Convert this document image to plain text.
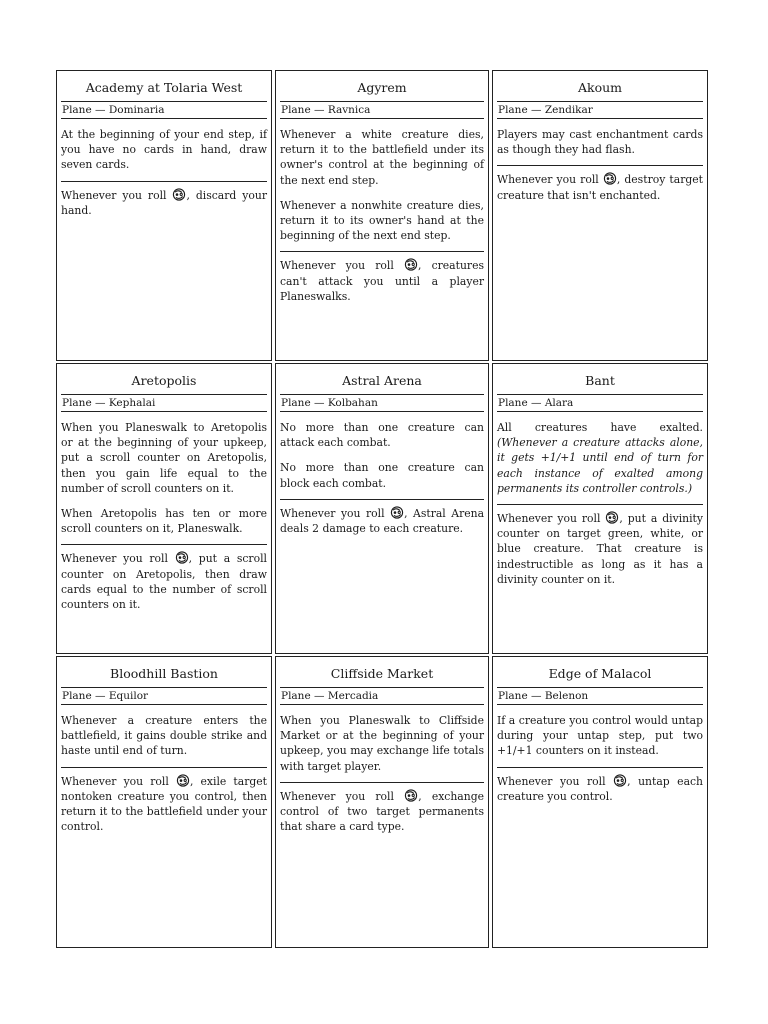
Academy at Tolaria West
Plane — Dominaria

At the beginning of your end step, if you have no cards in hand, draw seven cards.

Whenever you roll , discard your hand.

Agyrem
Plane — Ravnica

Whenever a white creature dies, return it to the battlefield under its owner's control at the beginning of the next end step.

Whenever a nonwhite creature dies, return it to its owner's hand at the beginning of the next end step.

Whenever you roll , creatures can't attack you until a player Planeswalks.

Akoum
Plane — Zendikar

Players may cast enchantment cards as though they had flash.

Whenever you roll , destroy target creature that isn't enchanted.

Aretopolis
Plane — Kephalai

When you Planeswalk to Aretopolis or at the beginning of your upkeep, put a scroll counter on Aretopolis, then you gain life equal to the number of scroll counters on it.

When Aretopolis has ten or more scroll counters on it, Planeswalk.

Whenever you roll , put a scroll counter on Aretopolis, then draw cards equal to the number of scroll counters on it.

Astral Arena
Plane — Kolbahan

No more than one creature can attack each combat.

No more than one creature can block each combat.

Whenever you roll , Astral Arena deals 2 damage to each creature.

Bant
Plane — Alara

All creatures have exalted. (Whenever a creature attacks alone, it gets +1/+1 until end of turn for each instance of exalted among permanents its controller controls.)

Whenever you roll , put a divinity counter on target green, white, or blue creature. That creature is indestructible as long as it has a divinity counter on it.

Bloodhill Bastion
Plane — Equilor

Whenever a creature enters the battlefield, it gains double strike and haste until end of turn.

Whenever you roll , exile target nontoken creature you control, then return it to the battlefield under your control.

Cliffside Market
Plane — Mercadia

When you Planeswalk to Cliffside Market or at the beginning of your upkeep, you may exchange life totals with target player.

Whenever you roll , exchange control of two target permanents that share a card type.

Edge of Malacol
Plane — Belenon

If a creature you control would untap during your untap step, put two +1/+1 counters on it instead.

Whenever you roll , untap each creature you control.
